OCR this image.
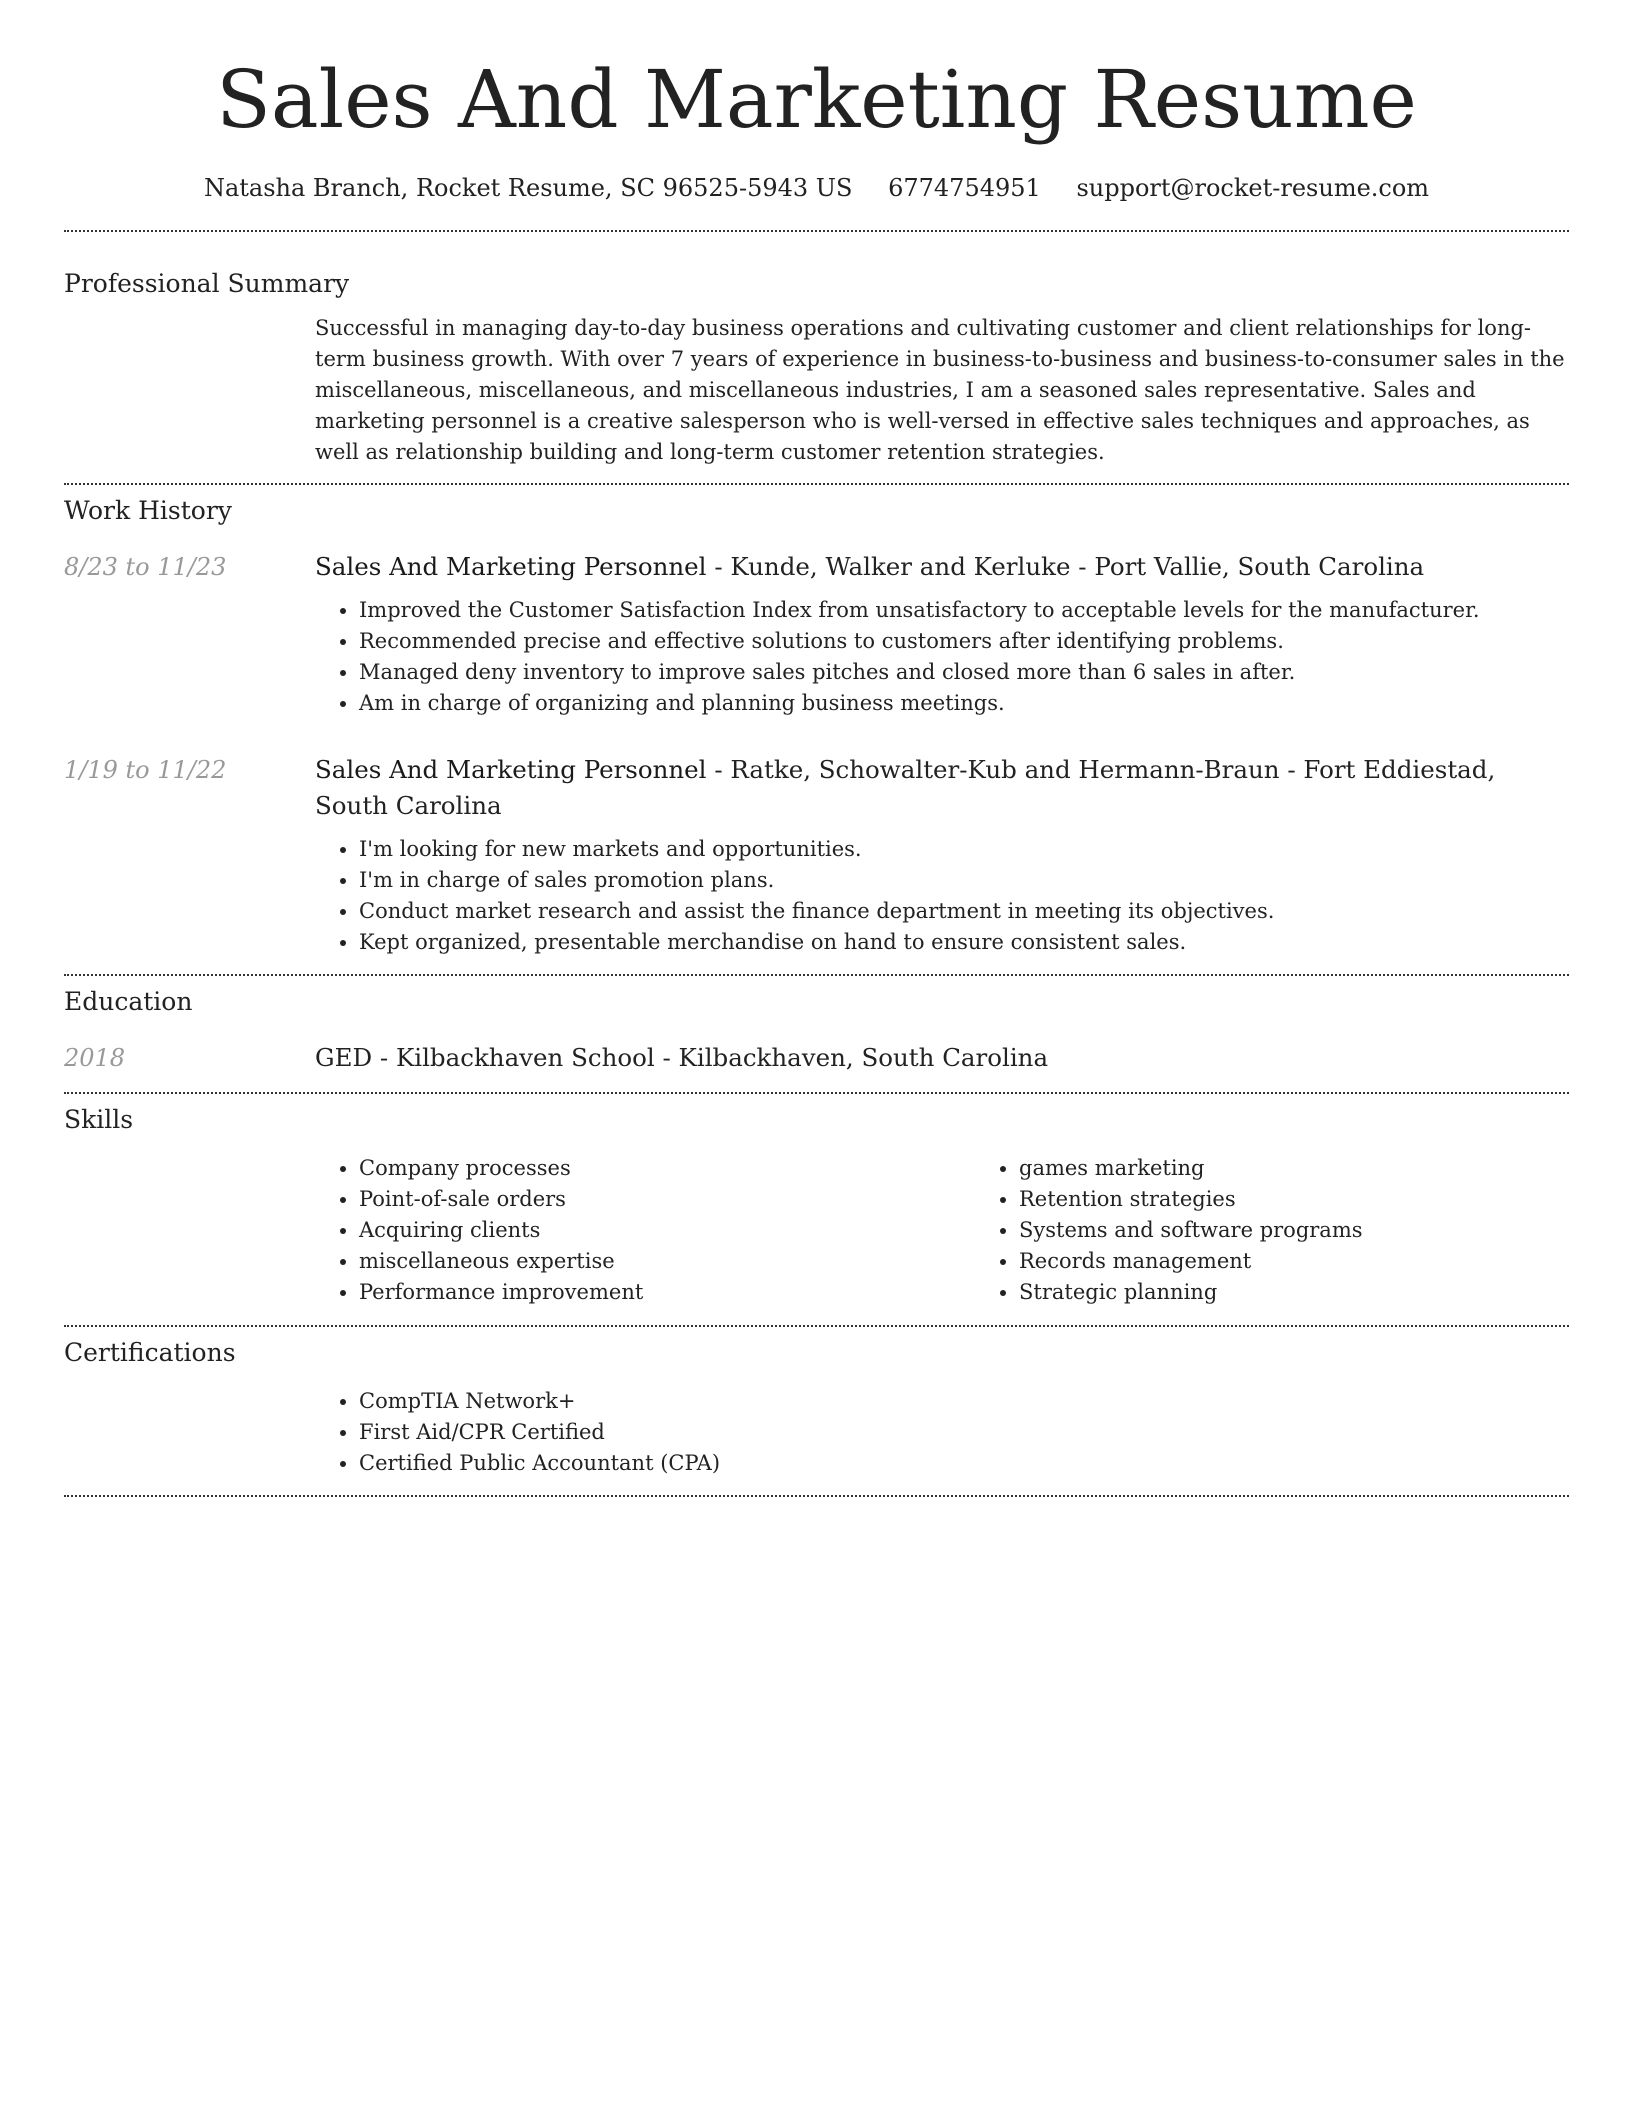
Sales And Marketing Resume
Natasha Branch, Rocket Resume, SC 96525-5943 US 6774754951 support@rocket-resume.com
Professional Summary

Successful in managing day-to-day business operations and cultivating customer and client relationships for long-term business growth. With over 7 years of experience in business-to-business and business-to-consumer sales in the miscellaneous, miscellaneous, and miscellaneous industries, I am a seasoned sales representative. Sales and marketing personnel is a creative salesperson who is well-versed in effective sales techniques and approaches, as well as relationship building and long-term customer retention strategies.

Work History
8/23 to 11/23	Sales And Marketing Personnel - Kunde, Walker and Kerluke - Port Vallie, South Carolina
• Improved the Customer Satisfaction Index from unsatisfactory to acceptable levels for the manufacturer.
• Recommended precise and effective solutions to customers after identifying problems.
• Managed deny inventory to improve sales pitches and closed more than 6 sales in after.
• Am in charge of organizing and planning business meetings.
1/19 to 11/22	Sales And Marketing Personnel - Ratke, Schowalter-Kub and Hermann-Braun - Fort Eddiestad, South Carolina
• I'm looking for new markets and opportunities.
• I'm in charge of sales promotion plans.
• Conduct market research and assist the finance department in meeting its objectives.
• Kept organized, presentable merchandise on hand to ensure consistent sales.
Education
2018	GED - Kilbackhaven School - Kilbackhaven, South Carolina
Skills
• Company processes
• Point-of-sale orders
• Acquiring clients
• miscellaneous expertise
• Performance improvement
• games marketing
• Retention strategies
• Systems and software programs
• Records management
• Strategic planning
Certifications
• CompTIA Network+
• First Aid/CPR Certified
• Certified Public Accountant (CPA)
